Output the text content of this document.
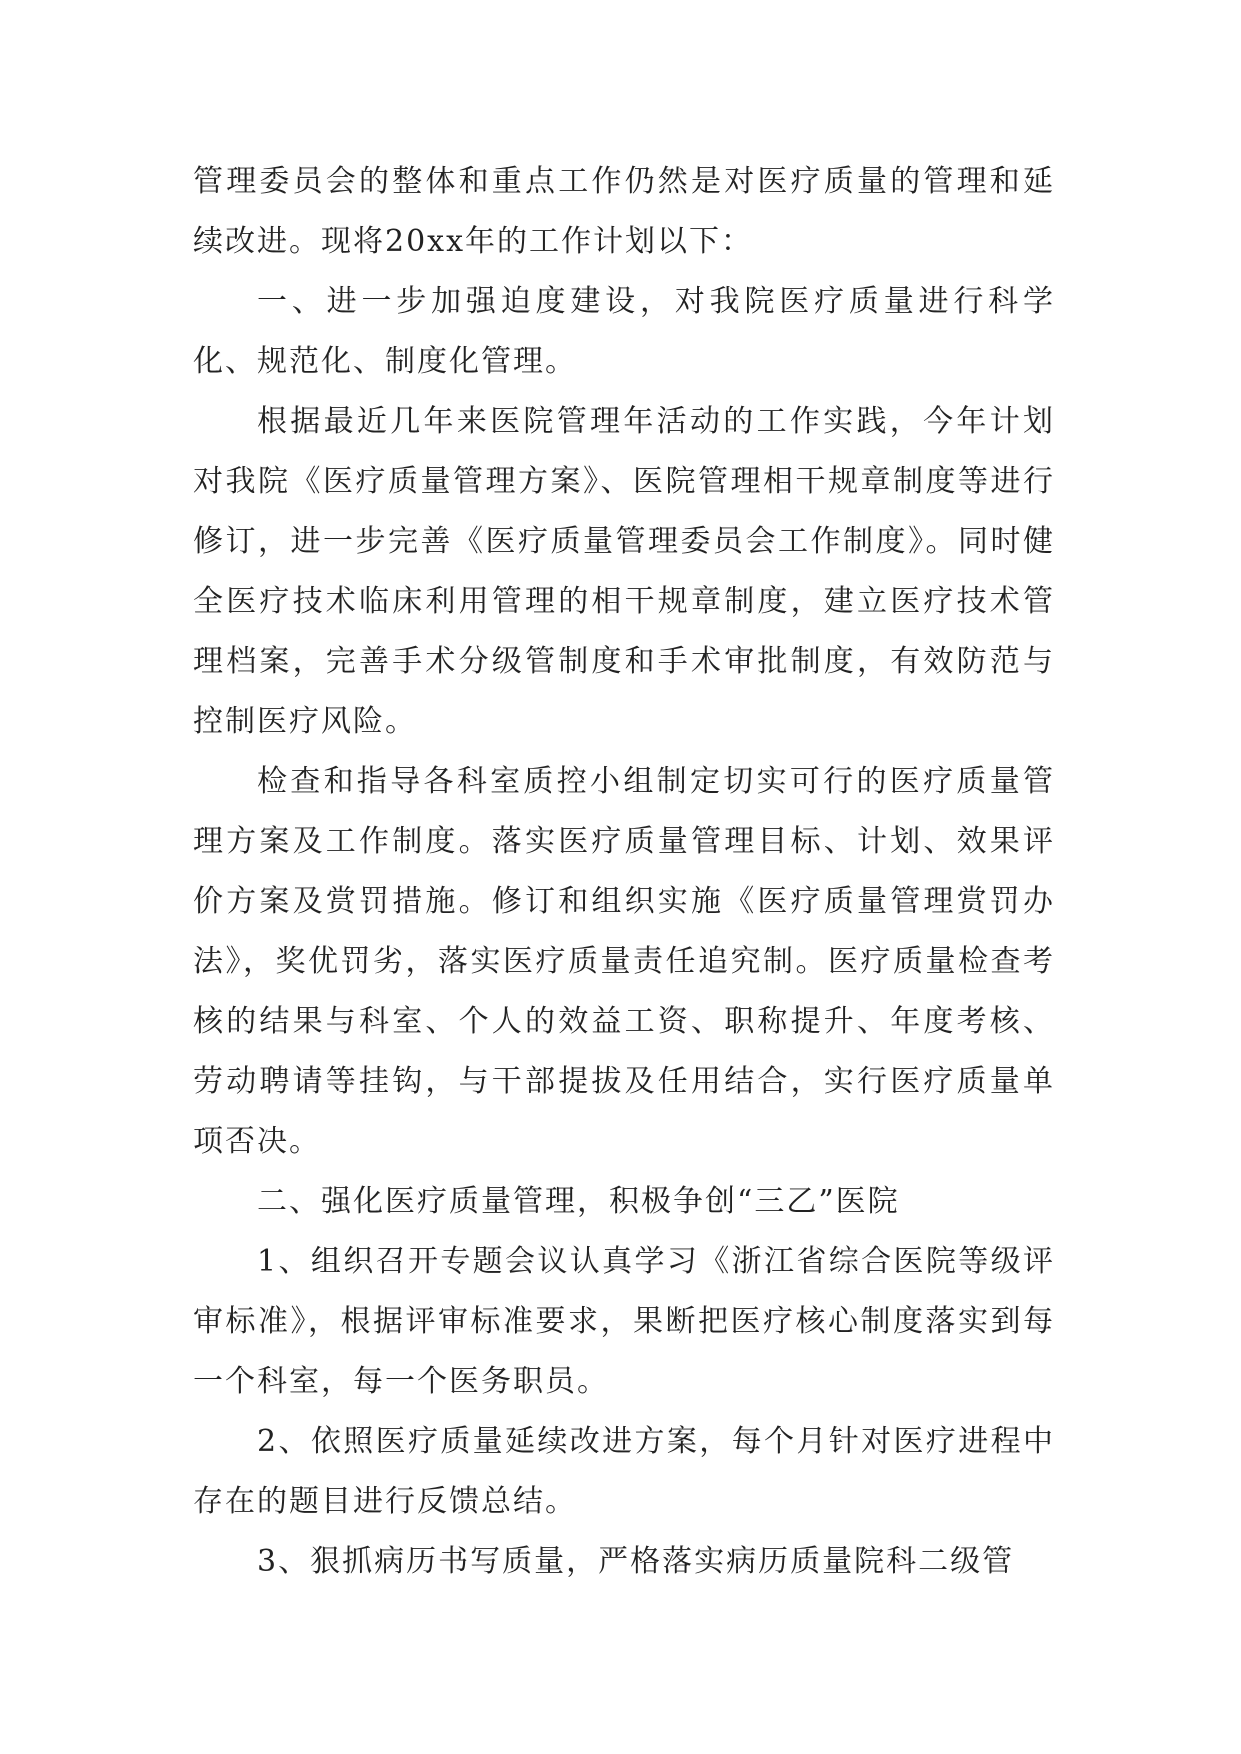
管理委员会的整体和重点工作仍然是对医疗质量的管理和延续改进。现将20xx年的工作计划以下：

一、进一步加强迫度建设，对我院医疗质量进行科学化、规范化、制度化管理。

根据最近几年来医院管理年活动的工作实践，今年计划对我院《医疗质量管理方案》、医院管理相干规章制度等进行修订，进一步完善《医疗质量管理委员会工作制度》。同时健全医疗技术临床利用管理的相干规章制度，建立医疗技术管理档案，完善手术分级管制度和手术审批制度，有效防范与控制医疗风险。

检查和指导各科室质控小组制定切实可行的医疗质量管理方案及工作制度。落实医疗质量管理目标、计划、效果评价方案及赏罚措施。修订和组织实施《医疗质量管理赏罚办法》，奖优罚劣，落实医疗质量责任追究制。医疗质量检查考核的结果与科室、个人的效益工资、职称提升、年度考核、劳动聘请等挂钩，与干部提拔及任用结合，实行医疗质量单项否决。

二、强化医疗质量管理，积极争创“三乙”医院

1、组织召开专题会议认真学习《浙江省综合医院等级评审标准》，根据评审标准要求，果断把医疗核心制度落实到每一个科室，每一个医务职员。

2、依照医疗质量延续改进方案，每个月针对医疗进程中存在的题目进行反馈总结。

3、狠抓病历书写质量，严格落实病历质量院科二级管
